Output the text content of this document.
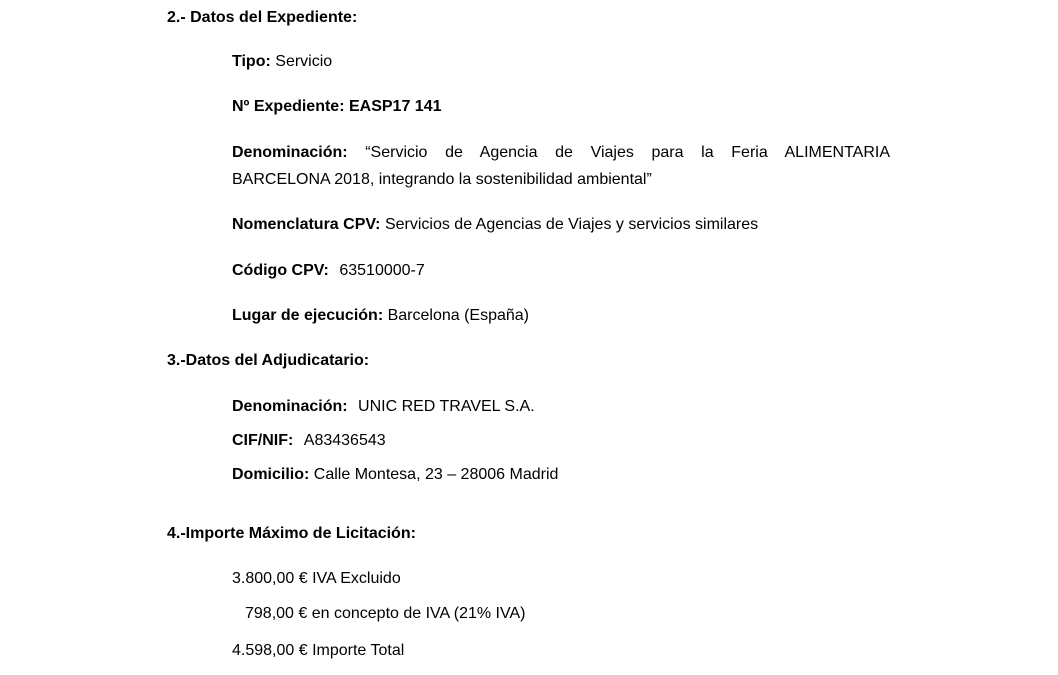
2.- Datos del Expediente:
Tipo: Servicio
Nº Expediente: EASP17 141
Denominación: “Servicio de Agencia de Viajes para la Feria ALIMENTARIA
BARCELONA 2018, integrando la sostenibilidad ambiental”
Nomenclatura CPV: Servicios de Agencias de Viajes y servicios similares
Código CPV: 63510000-7
Lugar de ejecución: Barcelona (España)
3.-Datos del Adjudicatario:
Denominación: UNIC RED TRAVEL S.A.
CIF/NIF: A83436543
Domicilio: Calle Montesa, 23 – 28006 Madrid
4.-Importe Máximo de Licitación:
3.800,00 € IVA Excluido
798,00 € en concepto de IVA (21% IVA)
4.598,00 € Importe Total
